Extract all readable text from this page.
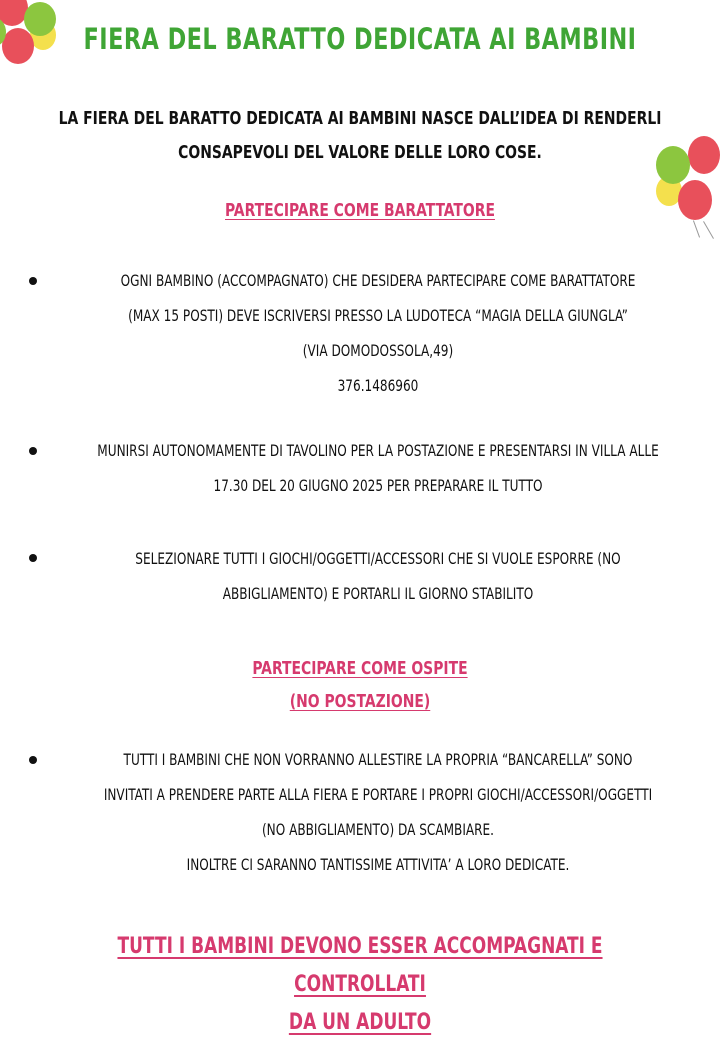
FIERA DEL BARATTO DEDICATA AI BAMBINI
LA FIERA DEL BARATTO DEDICATA AI BAMBINI NASCE DALL’IDEA DI RENDERLI
CONSAPEVOLI DEL VALORE DELLE LORO COSE.
PARTECIPARE COME BARATTATORE
OGNI BAMBINO (ACCOMPAGNATO) CHE DESIDERA PARTECIPARE COME BARATTATORE
(MAX 15 POSTI) DEVE ISCRIVERSI PRESSO LA LUDOTECA “MAGIA DELLA GIUNGLA”
(VIA DOMODOSSOLA,49)
376.1486960
MUNIRSI AUTONOMAMENTE DI TAVOLINO PER LA POSTAZIONE E PRESENTARSI IN VILLA ALLE
17.30 DEL 20 GIUGNO 2025 PER PREPARARE IL TUTTO
SELEZIONARE TUTTI I GIOCHI/OGGETTI/ACCESSORI CHE SI VUOLE ESPORRE (NO
ABBIGLIAMENTO) E PORTARLI IL GIORNO STABILITO
PARTECIPARE COME OSPITE
(NO POSTAZIONE)
TUTTI I BAMBINI CHE NON VORRANNO ALLESTIRE LA PROPRIA “BANCARELLA” SONO
INVITATI A PRENDERE PARTE ALLA FIERA E PORTARE I PROPRI GIOCHI/ACCESSORI/OGGETTI
(NO ABBIGLIAMENTO) DA SCAMBIARE.
INOLTRE CI SARANNO TANTISSIME ATTIVITA’ A LORO DEDICATE.
TUTTI I BAMBINI DEVONO ESSER ACCOMPAGNATI E CONTROLLATI
DA UN ADULTO
